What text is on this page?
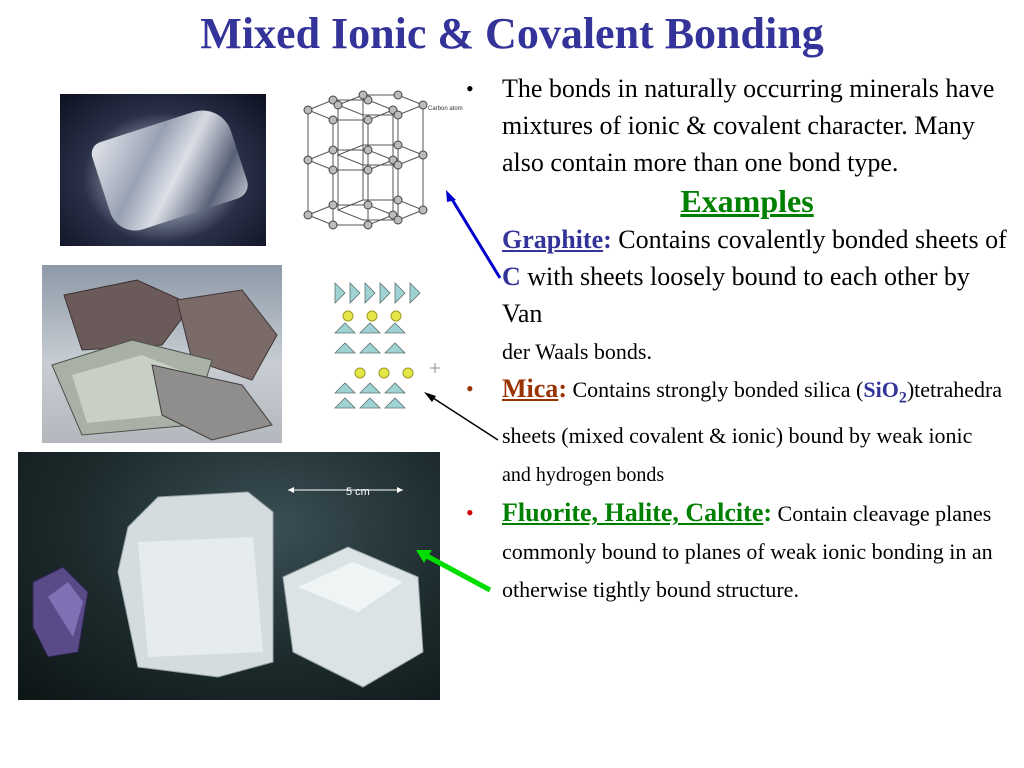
Mixed Ionic & Covalent Bonding
Carbon atom
5 cm
• The bonds in naturally occurring minerals have mixtures of ionic & covalent character. Many also contain more than one bond type.
Examples
Graphite: Contains covalently bonded sheets of C with sheets loosely bound to each other by Van
der Waals bonds.
• Mica: Contains strongly bonded silica (SiO$_2$)tetrahedra sheets (mixed covalent & ionic) bound by weak ionic
and hydrogen bonds
• Fluorite, Halite, Calcite: Contain cleavage planes commonly bound to planes of weak ionic bonding in an otherwise tightly bound structure.
